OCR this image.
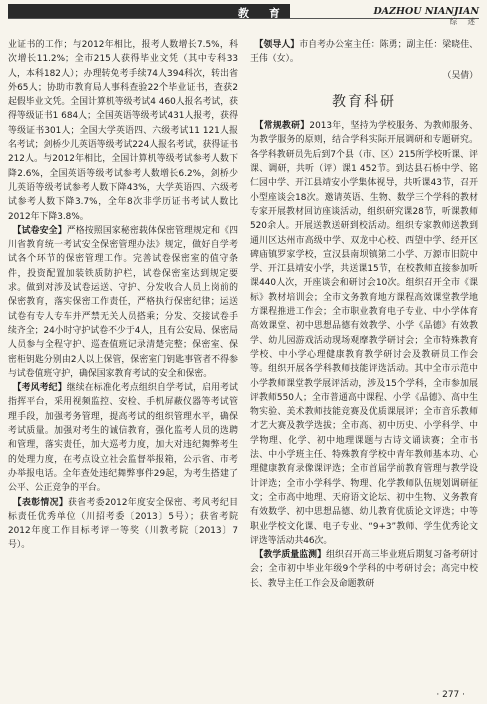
教 育	DAZHOU NIANJIAN
综 述

业证书的工作；与2012年相比，报考人数增长7.5%，科次增长11.2%；全市215人获得毕业文凭（其中专科33人，本科182人）；办理转免考手续74人394科次，转出省外65人；协助市教育局人事科查验22个毕业证书，查获2起假毕业文凭。全国计算机等级考试4 460人报名考试，获得等级证书1 684人；全国英语等级考试431人报考，获得等级证书301人；全国大学英语四、六级考试11 121人报名考试；剑桥少儿英语等级考试224人报名考试，获得证书212人。与2012年相比，全国计算机等级考试参考人数下降2.6%，全国英语等级考试参考人数增长6.2%，剑桥少儿英语等级考试参考人数下降43%，大学英语四、六级考试参考人数下降3.7%，全年8次非学历证书考试人数比2012年下降3.8%。

　【试卷安全】严格按照国家秘密载体保密管理规定和《四川省教育统一考试安全保密管理办法》规定，做好自学考试各个环节的保密管理工作。完善试卷保密室的值守条件，投资配置加装铁质防护栏，试卷保密室达到规定要求。做到对涉及试卷运送、守护、分发收合人员上岗前的保密教育，落实保密工作责任，严格执行保密纪律；运送试卷有专人专车并严禁无关人员搭乘；分发、交接试卷手续齐全；24小时守护试卷不少于4人，且有公安局、保密局人员参与全程守护、巡查值班记录清楚完整；保密室、保密柜钥匙分别由2人以上保管，保密室门钥匙事管者不得参与试卷值班守护，确保国家教育考试的安全和保密。

　【考风考纪】继续在标准化考点组织自学考试，启用考试指挥平台，采用视频监控、安检、手机屏蔽仪器等考试管理手段，加强考务管理，提高考试的组织管理水平，确保考试质量。加强对考生的诚信教育，强化监考人员的选聘和管理，落实责任，加大巡考力度，加大对违纪舞弊考生的处理力度，在考点设立社会监督举报箱，公示省、市考办举报电话。全年查处违纪舞弊事件29起，为考生搭建了公平、公正竞争的平台。

　【表彰情况】获省考委2012年度安全保密、考风考纪目标责任优秀单位（川招考委〔2013〕5号）；获省考院2012年度工作目标考评一等奖（川教考院〔2013〕7号）。

　【领导人】市自考办公室主任：陈勇；副主任：梁晓佳、王伟（女）。

（吴倩）

教育科研

　【常规教研】2013年，坚持为学校服务、为教师服务、为教学服务的原则，结合学科实际开展调研和专题研究。各学科教研员先后到7个县（市、区）215所学校听课、评课、调研，共听（评）课1 452节。到达县石桥中学、铭仁园中学、开江县靖安小学集体视导，共听课43节，召开小型座谈会18次。邀请英语、生物、数学三个学科的教材专家开展教材回访座谈活动，组织研究课28节，听课教师520余人。开展送教送研到校活动。组织专家教师送教到通川区达州市高级中学、双龙中心校、西望中学、经开区碑庙镇罗家学校，宣汉县南坝镇第二小学、万源市旧院中学、开江县靖安小学，共送课15节，在校教师直接参加听课440人次，开座谈会和研讨会10次。组织召开全市《课标》教材培训会；全市文务教育地方课程高效课堂教学地方课程推进工作会；全市职业教育电子专业、中小学体育高效课堂、初中思想品德有效教学、小学《品德》有效教学、幼儿园游戏活动现场观摩教学研讨会；全市特殊教育学校、中小学心理健康教育教学研讨会及教研员工作会等。组织开展各学科教师技能评选活动。其中全市示范中小学教师课堂教学展评活动，涉及15个学科，全市参加展评教师550人；全市普通高中课程、小学《品德》、高中生物实验、美术教师技能竞赛及优质课展评；全市音乐教师才艺大赛及教学选拔；全市高、初中历史、小学科学、中学物理、化学、初中地理课题与古诗文诵读赛；全市书法、中小学班主任、特殊教育学校中青年教师基本功、心理健康教育录像课评选；全市首届学前教育管理与教学设计评选；全市小学科学、物理、化学教师队伍规划调研征文；全市高中地理、天府语文论坛、初中生物、义务教育有效数学、初中思想品德、幼儿教育优质论文评选；中等职业学校文化课、电子专业、“9+3”教师、学生优秀论文评选等活动共46次。

　【教学质量监测】组织召开高三毕业班后期复习备考研讨会；全市初中毕业年级9个学科的中考研讨会；高完中校长、教导主任工作会及命题教研

· 277 ·
